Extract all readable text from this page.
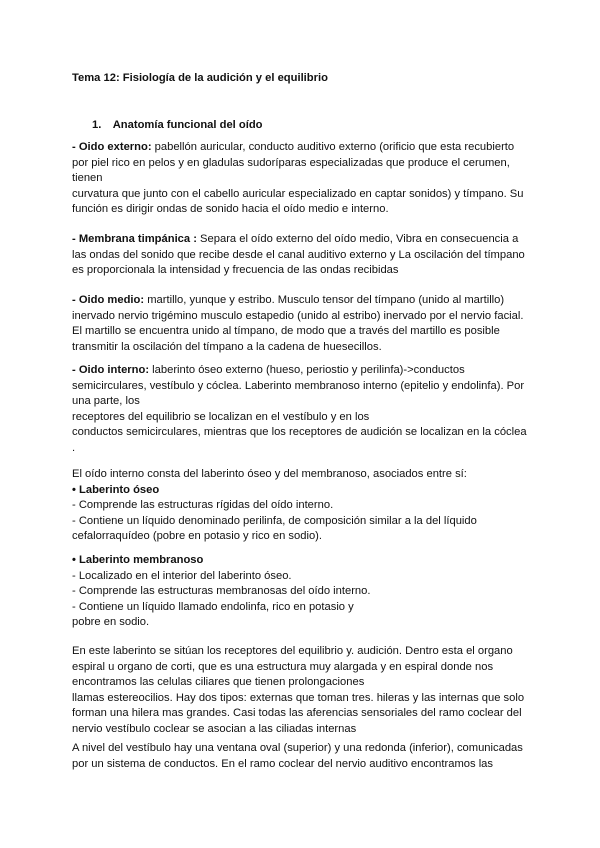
Tema 12: Fisiología de la audición y el equilibrio
1. Anatomía funcional del oído
- Oido externo: pabellón auricular, conducto auditivo externo (orificio que esta recubierto
por piel rico en pelos y en gladulas sudoríparas especializadas que produce el cerumen,
tienen
curvatura que junto con el cabello auricular especializado en captar sonidos) y tímpano. Su
función es dirigir ondas de sonido hacia el oído medio e interno.
- Membrana timpánica : Separa el oído externo del oído medio, Vibra en consecuencia a
las ondas del sonido que recibe desde el canal auditivo externo y La oscilación del tímpano
es proporcionala la intensidad y frecuencia de las ondas recibidas
- Oido medio: martillo, yunque y estribo. Musculo tensor del tímpano (unido al martillo)
inervado nervio trigémino musculo estapedio (unido al estribo) inervado por el nervio facial.
El martillo se encuentra unido al tímpano, de modo que a través del martillo es posible
transmitir la oscilación del tímpano a la cadena de huesecillos.
- Oido interno: laberinto óseo externo (hueso, periostio y perilinfa)->conductos
semicirculares, vestíbulo y cóclea. Laberinto membranoso interno (epitelio y endolinfa). Por
una parte, los
receptores del equilibrio se localizan en el vestíbulo y en los
conductos semicirculares, mientras que los receptores de audición se localizan en la cóclea
.
El oído interno consta del laberinto óseo y del membranoso, asociados entre sí:
• Laberinto óseo
- Comprende las estructuras rígidas del oído interno.
- Contiene un líquido denominado perilinfa, de composición similar a la del líquido
cefalorraquídeo (pobre en potasio y rico en sodio).
• Laberinto membranoso
- Localizado en el interior del laberinto óseo.
- Comprende las estructuras membranosas del oído interno.
- Contiene un líquido llamado endolinfa, rico en potasio y
pobre en sodio.
En este laberinto se sitúan los receptores del equilibrio y. audición. Dentro esta el organo
espiral u organo de corti, que es una estructura muy alargada y en espiral donde nos
encontramos las celulas ciliares que tienen prolongaciones
llamas estereocilios. Hay dos tipos: externas que toman tres. hileras y las internas que solo
forman una hilera mas grandes. Casi todas las aferencias sensoriales del ramo coclear del
nervio vestíbulo coclear se asocian a las ciliadas internas
A nivel del vestíbulo hay una ventana oval (superior) y una redonda (inferior), comunicadas
por un sistema de conductos. En el ramo coclear del nervio auditivo encontramos las
